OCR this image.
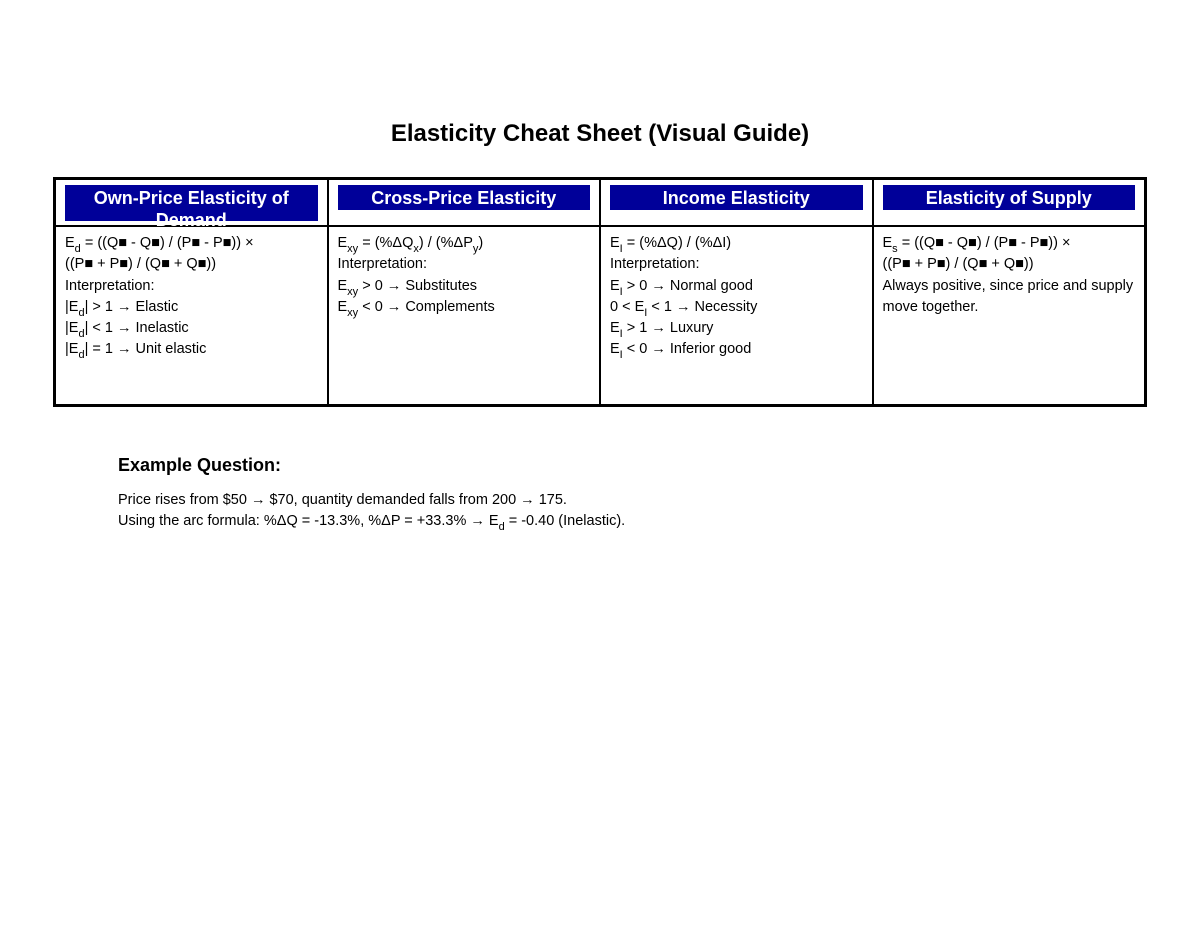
Elasticity Cheat Sheet (Visual Guide)
Own-Price Elasticity of Demand
$E_d$ = ((Q■ - Q■) / (P■ - P■)) ×
((P■ + P■) / (Q■ + Q■))
Interpretation:
$|E_d| > 1$ → Elastic
$|E_d| < 1$ → Inelastic
$|E_d| = 1$ → Unit elastic
Cross-Price Elasticity
$E_{xy} = (\%\Delta Q_x) / (\%\Delta P_y)$
Interpretation:
$E_{xy} > 0$ → Substitutes
$E_{xy} < 0$ → Complements
Income Elasticity
$E_I = (\%\Delta Q) / (\%\Delta I)$
Interpretation:
$E_I > 0$ → Normal good
$0 < E_I < 1$ → Necessity
$E_I > 1$ → Luxury
$E_I < 0$ → Inferior good
Elasticity of Supply
$E_s$ = ((Q■ - Q■) / (P■ - P■)) ×
((P■ + P■) / (Q■ + Q■))
Always positive, since price and supply move together.
Example Question:
Price rises from $50 → $70, quantity demanded falls from 200 → 175.
Using the arc formula: %ΔQ = -13.3%, $\%\Delta P = +33.3\% \to E_d = -0.40$ (Inelastic).
